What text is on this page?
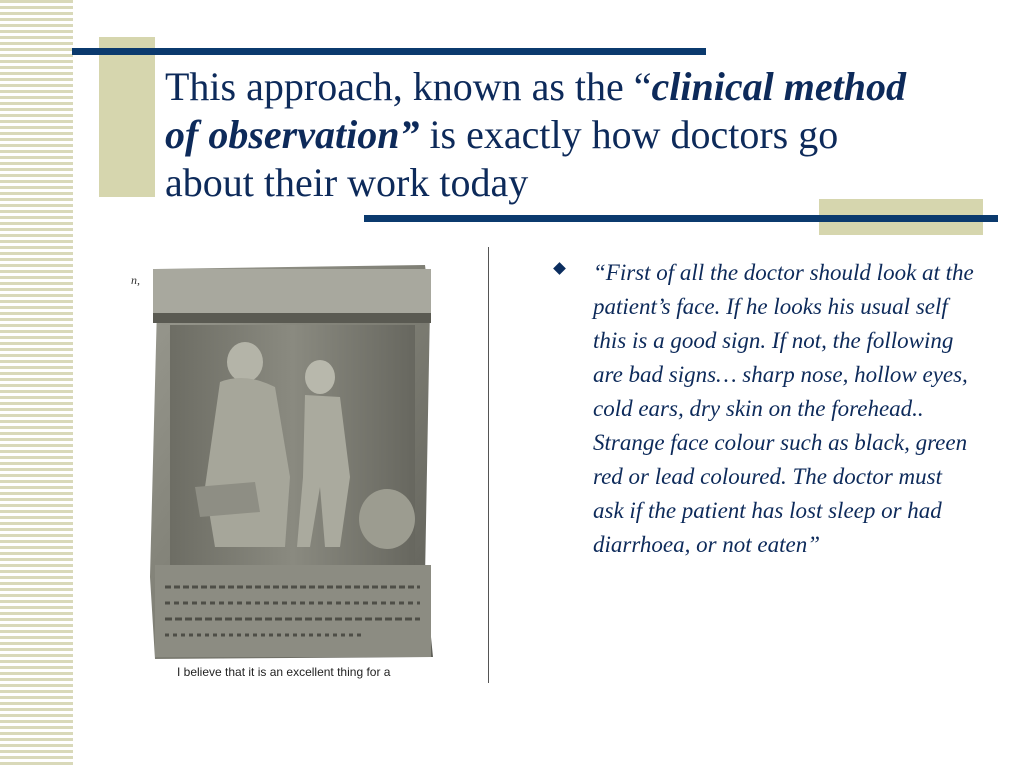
This approach, known as the “clinical method of observation” is exactly how doctors go about their work today
n,
I believe that it is an excellent thing for a

“First of all the doctor should look at the patient’s face. If he looks his usual self this is a good sign. If not, the following are bad signs… sharp nose, hollow eyes, cold ears, dry skin on the forehead.. Strange face colour such as black, green red or lead coloured. The doctor must ask if the patient has lost sleep or had diarrhoea, or not eaten”
